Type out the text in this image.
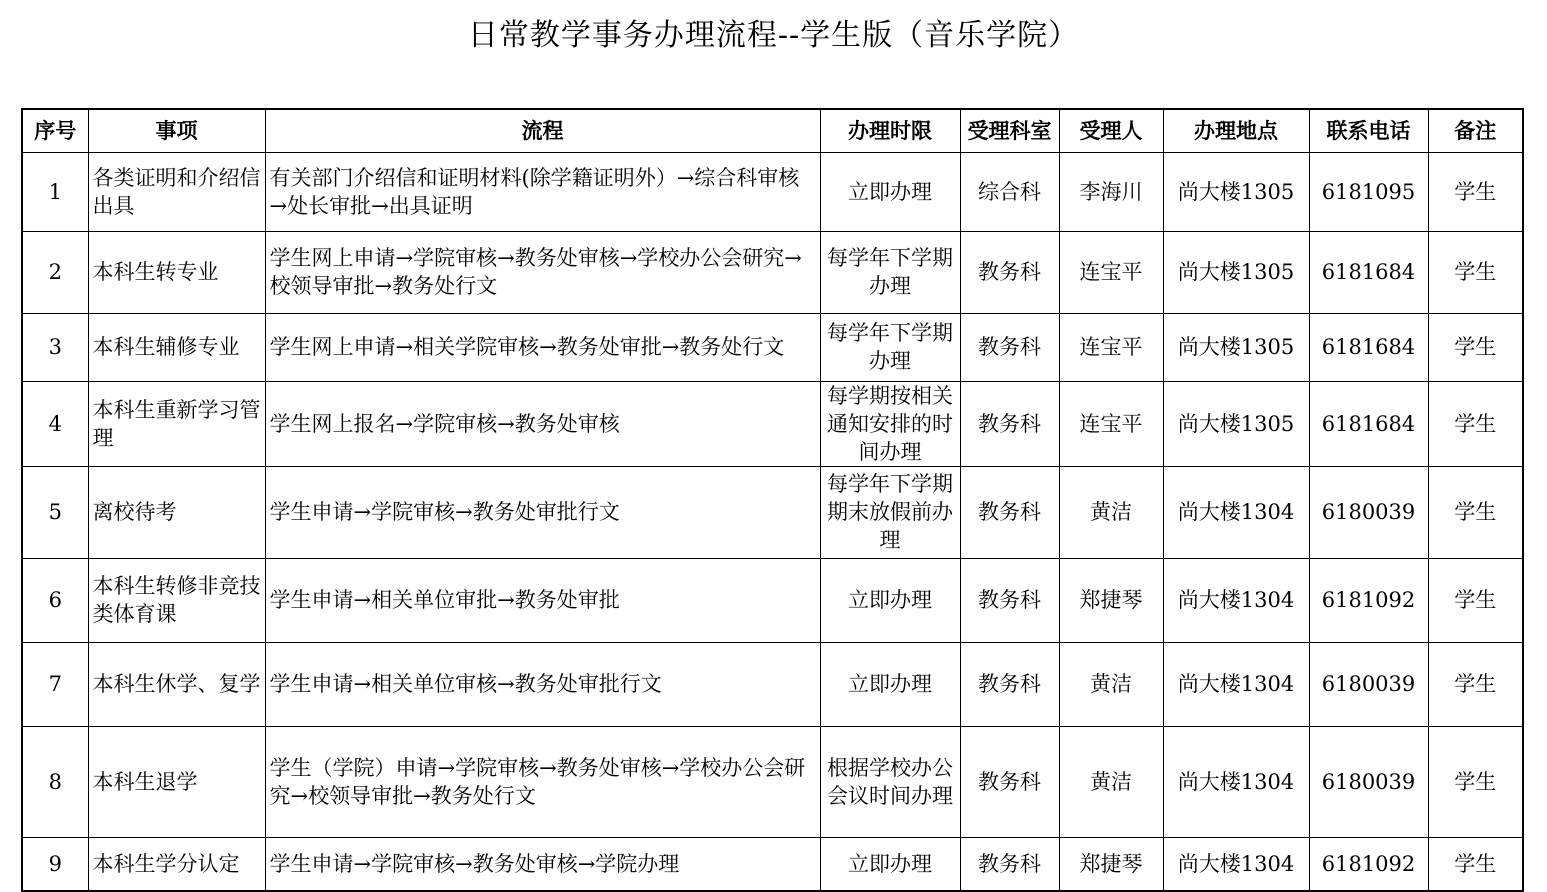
日常教学事务办理流程--学生版（音乐学院）
序号	事项	流程	办理时限	受理科室	受理人	办理地点	联系电话	备注
1	各类证明和介绍信出具	有关部门介绍信和证明材料(除学籍证明外）→综合科审核→处长审批→出具证明	立即办理	综合科	李海川	尚大楼1305	6181095	学生
2	本科生转专业	学生网上申请→学院审核→教务处审核→学校办公会研究→校领导审批→教务处行文	每学年下学期办理	教务科	连宝平	尚大楼1305	6181684	学生
3	本科生辅修专业	学生网上申请→相关学院审核→教务处审批→教务处行文	每学年下学期办理	教务科	连宝平	尚大楼1305	6181684	学生
4	本科生重新学习管理	学生网上报名→学院审核→教务处审核	每学期按相关通知安排的时间办理	教务科	连宝平	尚大楼1305	6181684	学生
5	离校待考	学生申请→学院审核→教务处审批行文	每学年下学期期末放假前办理	教务科	黄洁	尚大楼1304	6180039	学生
6	本科生转修非竞技类体育课	学生申请→相关单位审批→教务处审批	立即办理	教务科	郑捷琴	尚大楼1304	6181092	学生
7	本科生休学、复学	学生申请→相关单位审核→教务处审批行文	立即办理	教务科	黄洁	尚大楼1304	6180039	学生
8	本科生退学	学生（学院）申请→学院审核→教务处审核→学校办公会研究→校领导审批→教务处行文	根据学校办公会议时间办理	教务科	黄洁	尚大楼1304	6180039	学生
9	本科生学分认定	学生申请→学院审核→教务处审核→学院办理	立即办理	教务科	郑捷琴	尚大楼1304	6181092	学生
